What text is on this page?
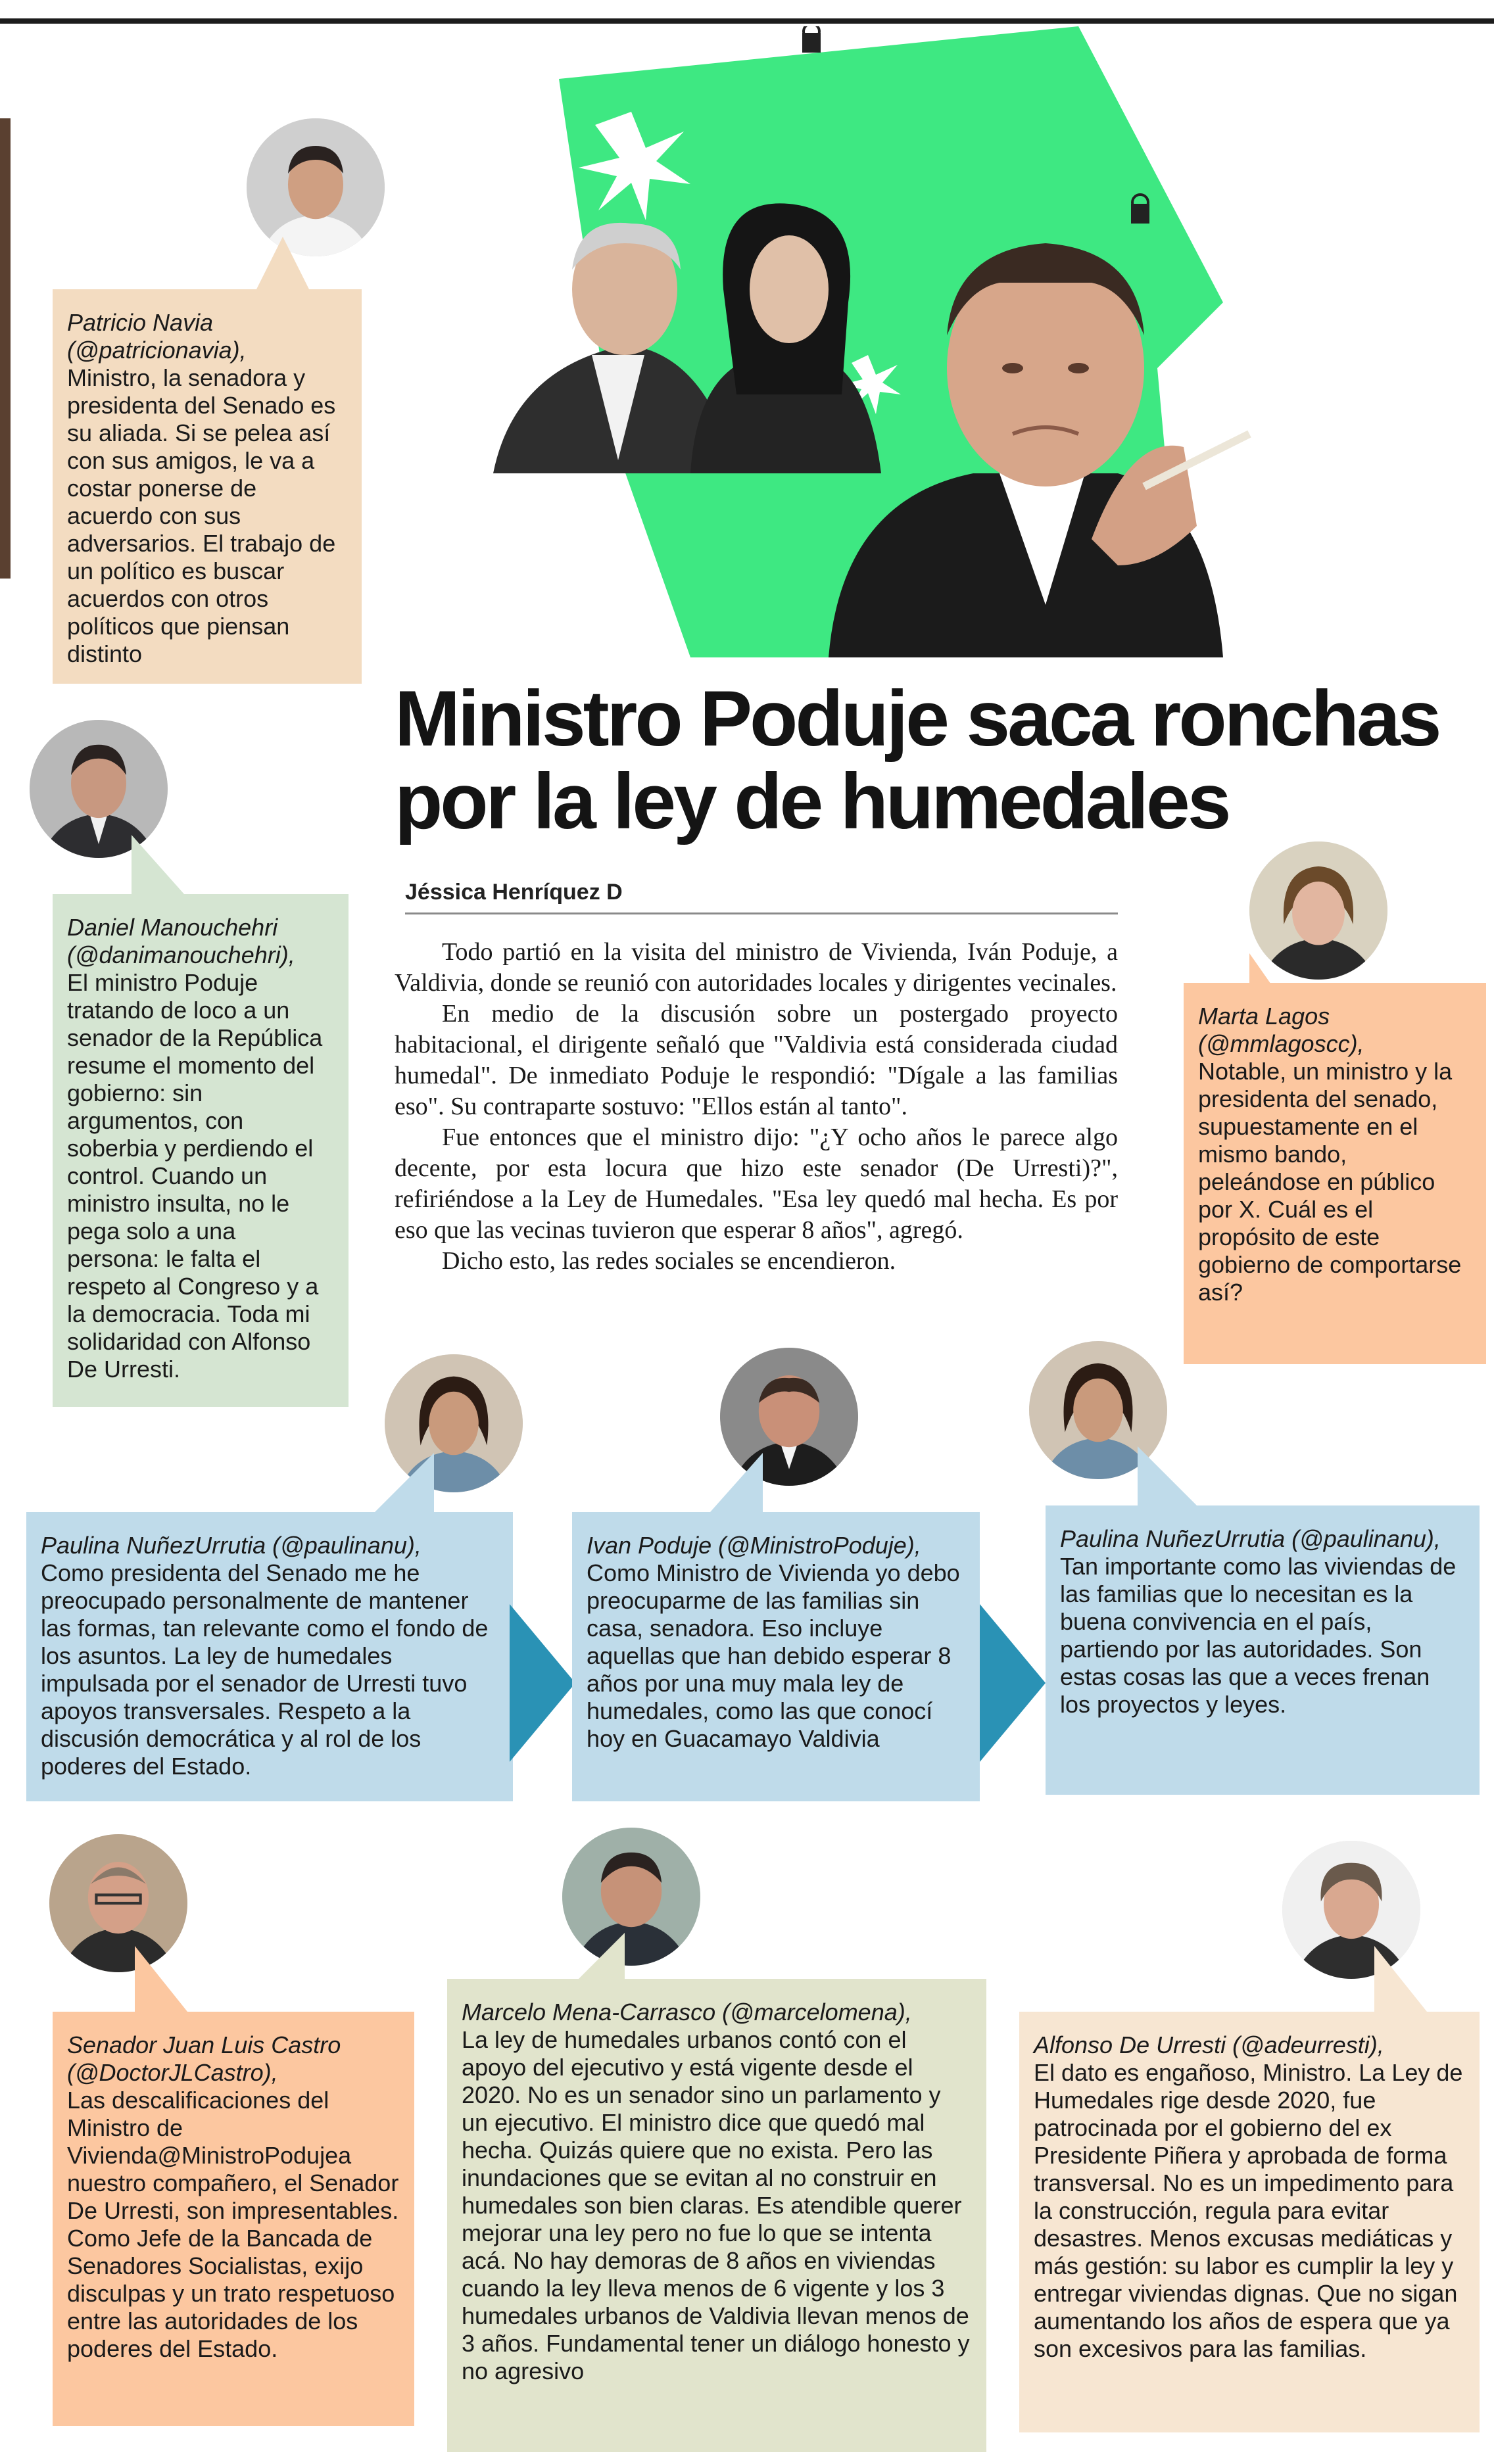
Ministro Poduje saca ronchas
por la ley de humedales
Jéssica Henríquez D

Todo partió en la visita del ministro de Vivienda, Iván Poduje, a Valdivia, donde se reunió con autoridades locales y dirigentes vecinales.

En medio de la discusión sobre un postergado proyecto habitacional, el dirigente señaló que "Valdivia está considerada ciudad humedal". De inmediato Poduje le respondió: "Dígale a las familias eso". Su contraparte sostuvo: "Ellos están al tanto".

Fue entonces que el ministro dijo: "¿Y ocho años le parece algo decente, por esta locura que hizo este senador (De Urresti)?", refiriéndose a la Ley de Humedales. "Esa ley quedó mal hecha. Es por eso que las vecinas tuvieron que esperar 8 años", agregó.

Dicho esto, las redes sociales se encendieron.

Patricio Navia (@patricionavia),
Ministro, la senadora y presidenta del Senado es su aliada. Si se pelea así con sus amigos, le va a costar ponerse de acuerdo con sus adversarios. El trabajo de un político es buscar acuerdos con otros políticos que piensan distinto
Daniel Manouchehri (@danimanouchehri),
El ministro Poduje tratando de loco a un senador de la República resume el momento del gobierno: sin argumentos, con soberbia y perdiendo el control. Cuando un ministro insulta, no le pega solo a una persona: le falta el respeto al Congreso y a la democracia. Toda mi solidaridad con Alfonso De Urresti.
Marta Lagos (@mmlagoscc),
Notable, un ministro y la presidenta del senado, supuestamente en el mismo bando, peleándose en público por X. Cuál es el propósito de este gobierno de comportarse así?
Paulina NuñezUrrutia (@paulinanu),
Como presidenta del Senado me he preocupado personalmente de mantener las formas, tan relevante como el fondo de los asuntos. La ley de humedales impulsada por el senador de Urresti tuvo apoyos transversales. Respeto a la discusión democrática y al rol de los poderes del Estado.
Ivan Poduje (@MinistroPoduje),
Como Ministro de Vivienda yo debo preocuparme de las familias sin casa, senadora. Eso incluye aquellas que han debido esperar 8 años por una muy mala ley de humedales, como las que conocí hoy en Guacamayo Valdivia
Paulina NuñezUrrutia (@paulinanu),
Tan importante como las viviendas de las familias que lo necesitan es la buena convivencia en el país, partiendo por las autoridades. Son estas cosas las que a veces frenan los proyectos y leyes.
Senador Juan Luis Castro (@DoctorJLCastro),
Las descalificaciones del Ministro de Vivienda@MinistroPodujea nuestro compañero, el Senador De Urresti, son impresentables. Como Jefe de la Bancada de Senadores Socialistas, exijo disculpas y un trato respetuoso entre las autoridades de los poderes del Estado.
Marcelo Mena-Carrasco (@marcelomena),
La ley de humedales urbanos contó con el apoyo del ejecutivo y está vigente desde el 2020. No es un senador sino un parlamento y un ejecutivo. El ministro dice que quedó mal hecha. Quizás quiere que no exista. Pero las inundaciones que se evitan al no construir en humedales son bien claras. Es atendible querer mejorar una ley pero no fue lo que se intenta acá. No hay demoras de 8 años en viviendas cuando la ley lleva menos de 6 vigente y los 3 humedales urbanos de Valdivia llevan menos de 3 años. Fundamental tener un diálogo honesto y no agresivo
Alfonso De Urresti (@adeurresti),
El dato es engañoso, Ministro. La Ley de Humedales rige desde 2020, fue patrocinada por el gobierno del ex Presidente Piñera y aprobada de forma transversal. No es un impedimento para la construcción, regula para evitar desastres. Menos excusas mediáticas y más gestión: su labor es cumplir la ley y entregar viviendas dignas. Que no sigan aumentando los años de espera que ya son excesivos para las familias.
